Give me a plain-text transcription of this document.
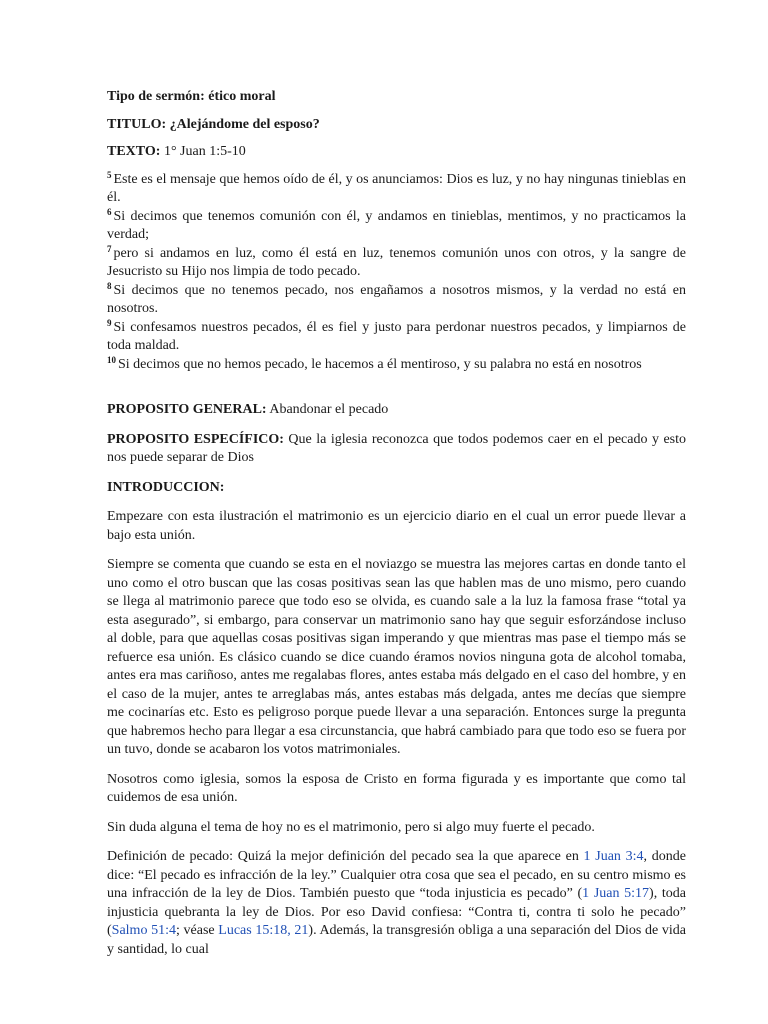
Tipo de sermón: ético moral

TITULO: ¿Alejándome del esposo?

TEXTO: 1° Juan 1:5-10

$^5$ Este es el mensaje que hemos oído de él, y os anunciamos: Dios es luz, y no hay ningunas tinieblas en él.

$^6$ Si decimos que tenemos comunión con él, y andamos en tinieblas, mentimos, y no practicamos la verdad;

$^7$ pero si andamos en luz, como él está en luz, tenemos comunión unos con otros, y la sangre de Jesucristo su Hijo nos limpia de todo pecado.

$^8$ Si decimos que no tenemos pecado, nos engañamos a nosotros mismos, y la verdad no está en nosotros.

$^9$ Si confesamos nuestros pecados, él es fiel y justo para perdonar nuestros pecados, y limpiarnos de toda maldad.

$^{10}$ Si decimos que no hemos pecado, le hacemos a él mentiroso, y su palabra no está en nosotros

PROPOSITO GENERAL: Abandonar el pecado

PROPOSITO ESPECÍFICO: Que la iglesia reconozca que todos podemos caer en el pecado y esto nos puede separar de Dios

INTRODUCCION:

Empezare con esta ilustración el matrimonio es un ejercicio diario en el cual un error puede llevar a bajo esta unión.

Siempre se comenta que cuando se esta en el noviazgo se muestra las mejores cartas en donde tanto el uno como el otro buscan que las cosas positivas sean las que hablen mas de uno mismo, pero cuando se llega al matrimonio parece que todo eso se olvida, es cuando sale a la luz la famosa frase “total ya esta asegurado”, si embargo, para conservar un matrimonio sano hay que seguir esforzándose incluso al doble, para que aquellas cosas positivas sigan imperando y que mientras mas pase el tiempo más se refuerce esa unión. Es clásico cuando se dice cuando éramos novios ninguna gota de alcohol tomaba, antes era mas cariñoso, antes me regalabas flores, antes estaba más delgado en el caso del hombre, y en el caso de la mujer, antes te arreglabas más, antes estabas más delgada, antes me decías que siempre me cocinarías etc. Esto es peligroso porque puede llevar a una separación. Entonces surge la pregunta que habremos hecho para llegar a esa circunstancia, que habrá cambiado para que todo eso se fuera por un tuvo, donde se acabaron los votos matrimoniales.

Nosotros como iglesia, somos la esposa de Cristo en forma figurada y es importante que como tal cuidemos de esa unión.

Sin duda alguna el tema de hoy no es el matrimonio, pero si algo muy fuerte el pecado.

Definición de pecado: Quizá la mejor definición del pecado sea la que aparece en 1 Juan 3:4, donde dice: “El pecado es infracción de la ley.” Cualquier otra cosa que sea el pecado, en su centro mismo es una infracción de la ley de Dios. También puesto que “toda injusticia es pecado” (1 Juan 5:17), toda injusticia quebranta la ley de Dios. Por eso David confiesa: “Contra ti, contra ti solo he pecado” (Salmo 51:4; véase Lucas 15:18, 21). Además, la transgresión obliga a una separación del Dios de vida y santidad, lo cual
